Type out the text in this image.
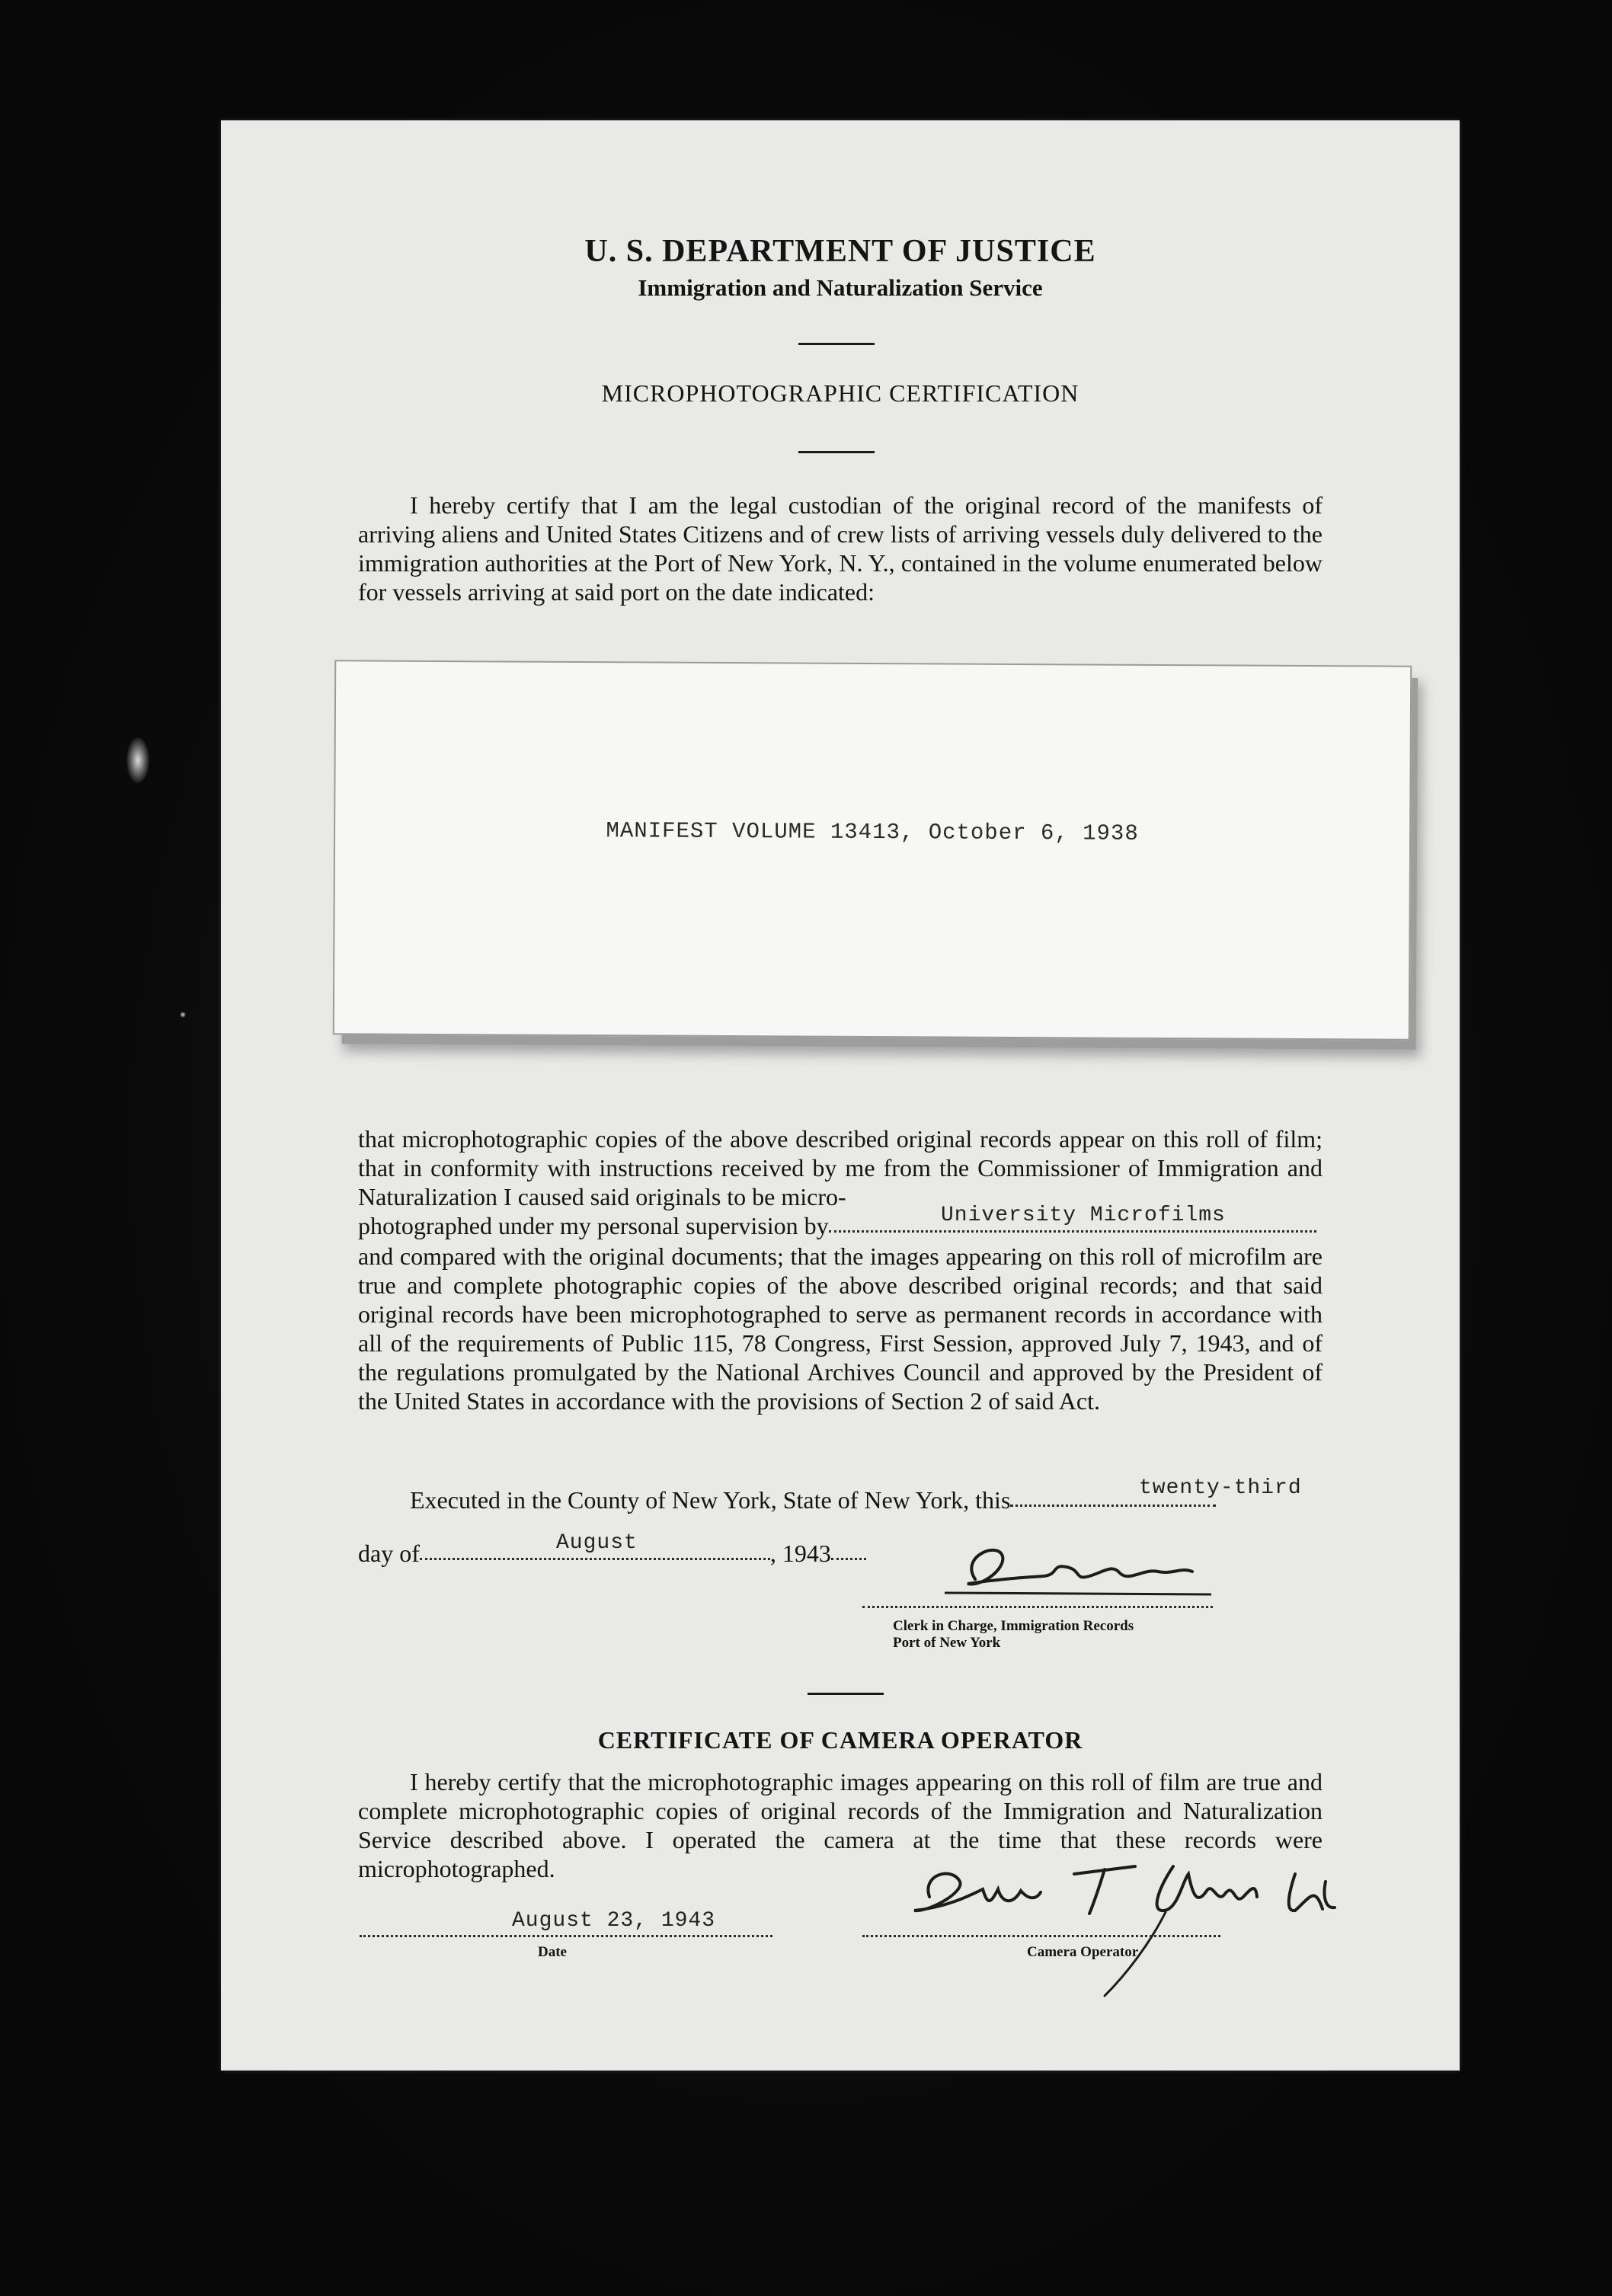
U. S. DEPARTMENT OF JUSTICE
Immigration and Naturalization Service
MICROPHOTOGRAPHIC CERTIFICATION
I hereby certify that I am the legal custodian of the original record of the manifests of arriving aliens and United States Citizens and of crew lists of arriving vessels duly delivered to the immigration authorities at the Port of New York, N. Y., contained in the volume enumerated below for vessels arriving at said port on the date indicated:
MANIFEST VOLUME 13413, October 6, 1938
that microphotographic copies of the above described original records appear on this roll of film; that in conformity with instructions received by me from the Commissioner of Immigration and Naturalization I caused said originals to be micro-
photographed under my personal supervision by	University Microfilms
and compared with the original documents; that the images appearing on this roll of microfilm are true and complete photographic copies of the above described original records; and that said original records have been microphotographed to serve as permanent records in accordance with all of the requirements of Public 115, 78 Congress, First Session, approved July 7, 1943, and of the regulations promulgated by the National Archives Council and approved by the President of the United States in accordance with the provisions of Section 2 of said Act.
Executed in the County of New York, State of New York, this	twenty-third
day of	, 1943
August
Clerk in Charge, Immigration Records
Port of New York
CERTIFICATE OF CAMERA OPERATOR
I hereby certify that the microphotographic images appearing on this roll of film are true and complete microphotographic copies of original records of the Immigration and Naturalization Service described above. I operated the camera at the time that these records were microphotographed.
August 23, 1943
Date	Camera Operator
